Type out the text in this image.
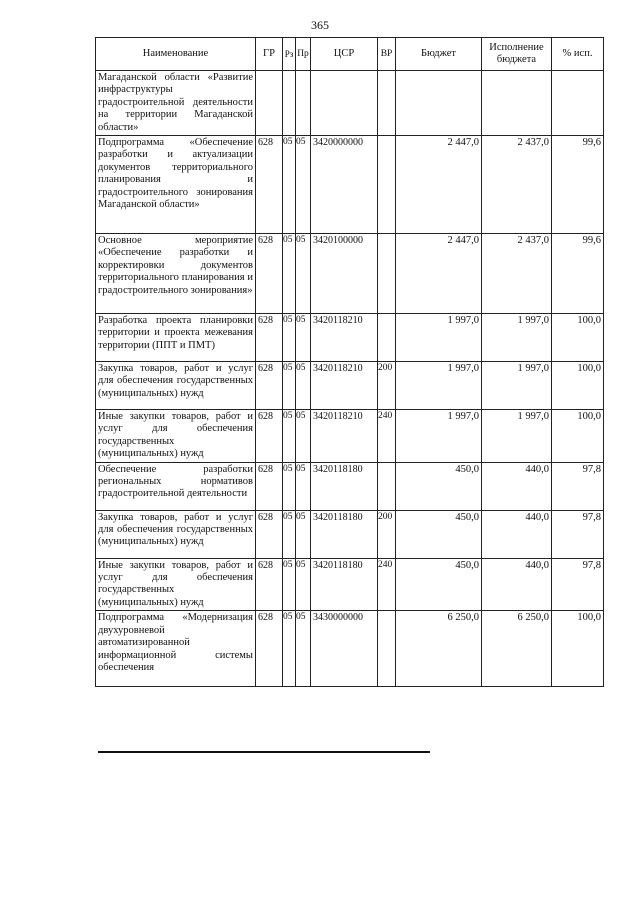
365
Наименование	ГР	Рз	Пр	ЦСР	ВР	Бюджет	Исполнение бюджета	% исп.
Магаданской области «Развитие инфраструктуры градостроительной деятельности на территории Магаданской области»								
Подпрограмма «Обеспечение разработки и актуализации документов территориального планирования и градостроительного зонирования Магаданской области»	628	05	05	3420000000		2 447,0	2 437,0	99,6
Основное мероприятие «Обеспечение разработки и корректировки документов территориального планирования и градостроительного зонирования»	628	05	05	3420100000		2 447,0	2 437,0	99,6
Разработка проекта планировки территории и проекта межевания территории (ППТ и ПМТ)	628	05	05	3420118210		1 997,0	1 997,0	100,0
Закупка товаров, работ и услуг для обеспечения государственных (муниципальных) нужд	628	05	05	3420118210	200	1 997,0	1 997,0	100,0
Иные закупки товаров, работ и услуг для обеспечения государственных (муниципальных) нужд	628	05	05	3420118210	240	1 997,0	1 997,0	100,0
Обеспечение разработки региональных нормативов градостроительной деятельности	628	05	05	3420118180		450,0	440,0	97,8
Закупка товаров, работ и услуг для обеспечения государственных (муниципальных) нужд	628	05	05	3420118180	200	450,0	440,0	97,8
Иные закупки товаров, работ и услуг для обеспечения государственных (муниципальных) нужд	628	05	05	3420118180	240	450,0	440,0	97,8
Подпрограмма «Модернизация двухуровневой автоматизированной информационной системы обеспечения	628	05	05	3430000000		6 250,0	6 250,0	100,0
